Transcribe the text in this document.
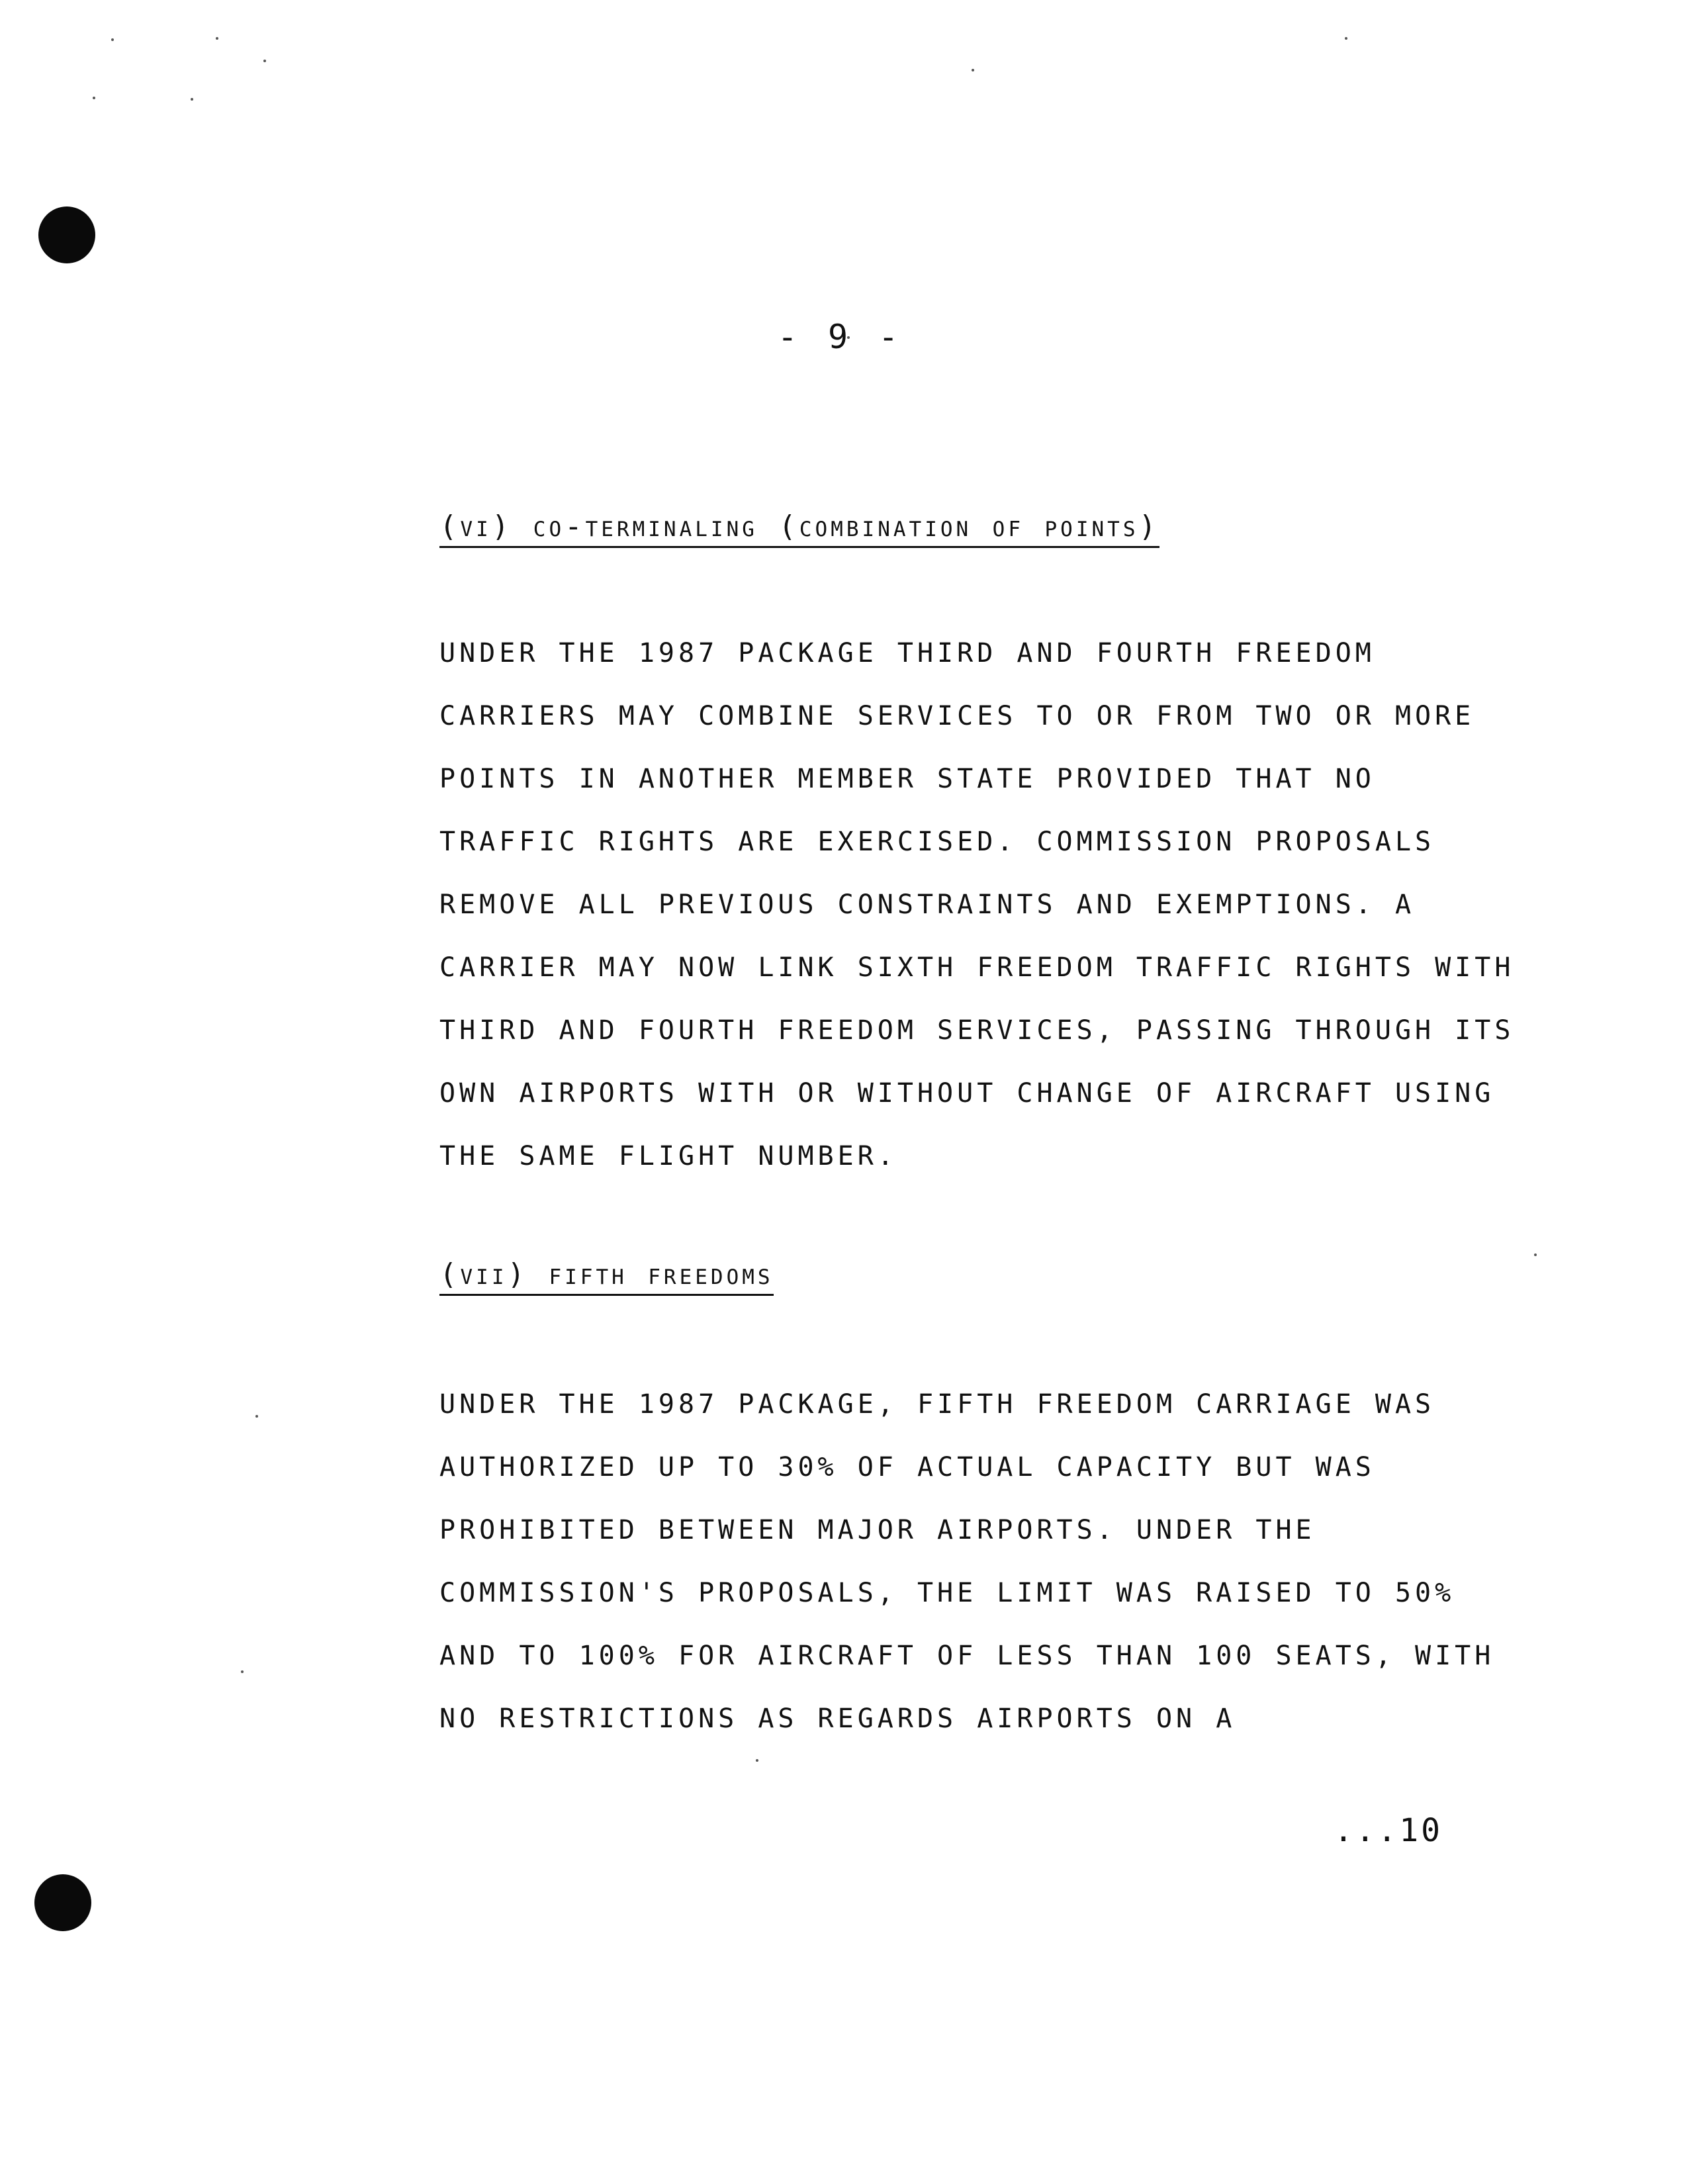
- 9 -
(vi) co-terminaling (combination of points)
UNDER THE 1987 PACKAGE THIRD AND FOURTH FREEDOM
CARRIERS MAY COMBINE SERVICES TO OR FROM TWO OR MORE
POINTS IN ANOTHER MEMBER STATE PROVIDED THAT NO
TRAFFIC RIGHTS ARE EXERCISED. COMMISSION PROPOSALS
REMOVE ALL PREVIOUS CONSTRAINTS AND EXEMPTIONS. A
CARRIER MAY NOW LINK SIXTH FREEDOM TRAFFIC RIGHTS WITH
THIRD AND FOURTH FREEDOM SERVICES, PASSING THROUGH ITS
OWN AIRPORTS WITH OR WITHOUT CHANGE OF AIRCRAFT USING
THE SAME FLIGHT NUMBER.
(vii) fifth freedoms
UNDER THE 1987 PACKAGE, FIFTH FREEDOM CARRIAGE WAS
AUTHORIZED UP TO 30% OF ACTUAL CAPACITY BUT WAS
PROHIBITED BETWEEN MAJOR AIRPORTS. UNDER THE
COMMISSION'S PROPOSALS, THE LIMIT WAS RAISED TO 50%
AND TO 100% FOR AIRCRAFT OF LESS THAN 100 SEATS, WITH
NO RESTRICTIONS AS REGARDS AIRPORTS ON A
...10
